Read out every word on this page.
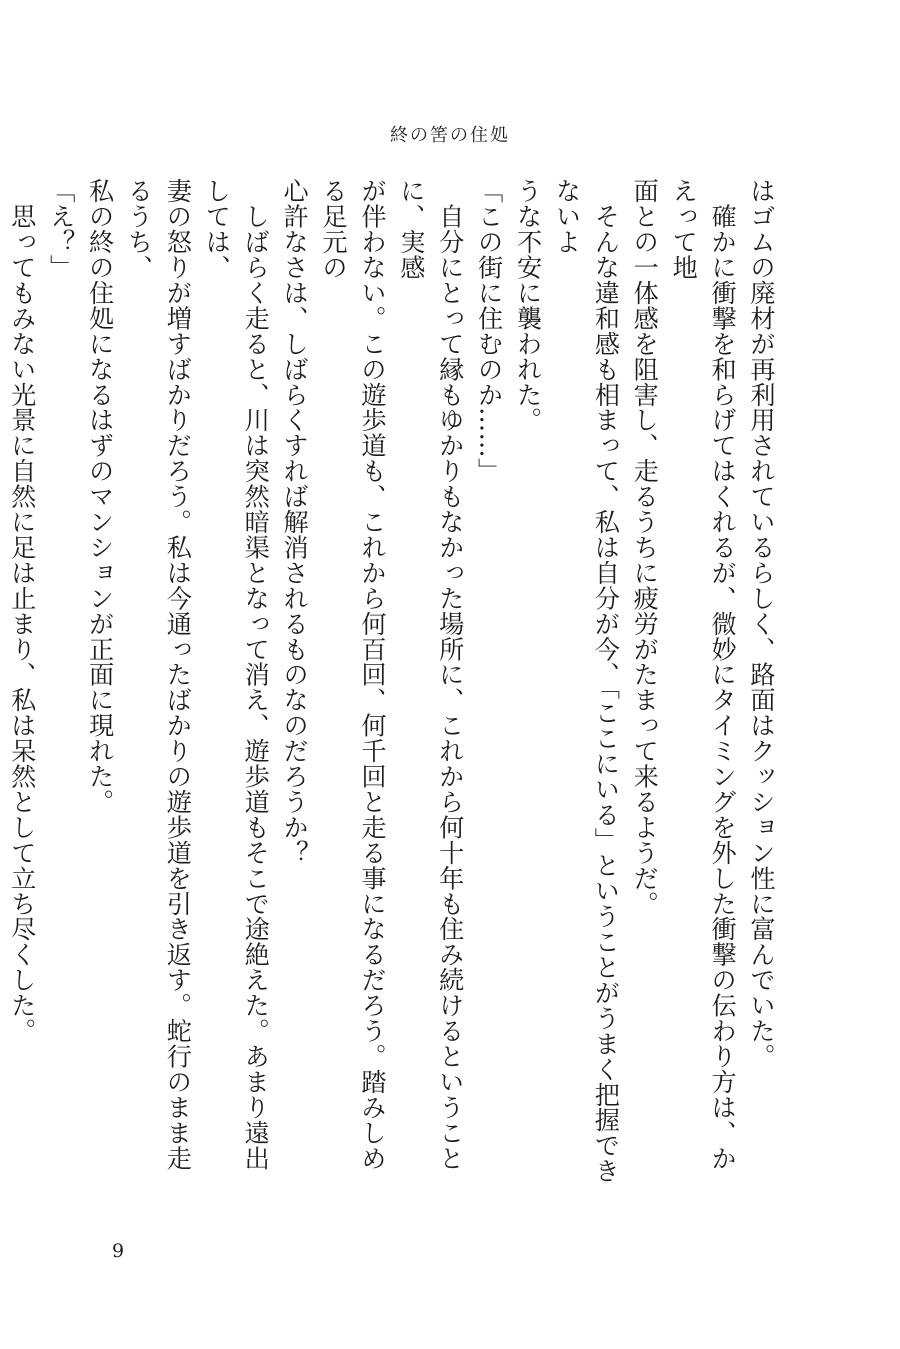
終の筈の住処

はゴムの廃材が再利用されているらしく、路面はクッション性に富んでいた。

　確かに衝撃を和らげてはくれるが、微妙にタイミングを外した衝撃の伝わり方は、かえって地

面との一体感を阻害し、走るうちに疲労がたまって来るようだ。

　そんな違和感も相まって、私は自分が今、「ここにいる」ということがうまく把握できないよ

うな不安に襲われた。

「この街に住むのか……」

　自分にとって縁もゆかりもなかった場所に、これから何十年も住み続けるということに、実感

が伴わない。この遊歩道も、これから何百回、何千回と走る事になるだろう。踏みしめる足元の

心許なさは、しばらくすれば解消されるものなのだろうか？

　しばらく走ると、川は突然暗渠となって消え、遊歩道もそこで途絶えた。あまり遠出しては、

妻の怒りが増すばかりだろう。私は今通ったばかりの遊歩道を引き返す。蛇行のまま走るうち、

私の終の住処になるはずのマンションが正面に現れた。

「え？」

　思ってもみない光景に自然に足は止まり、私は呆然として立ち尽くした。

9
